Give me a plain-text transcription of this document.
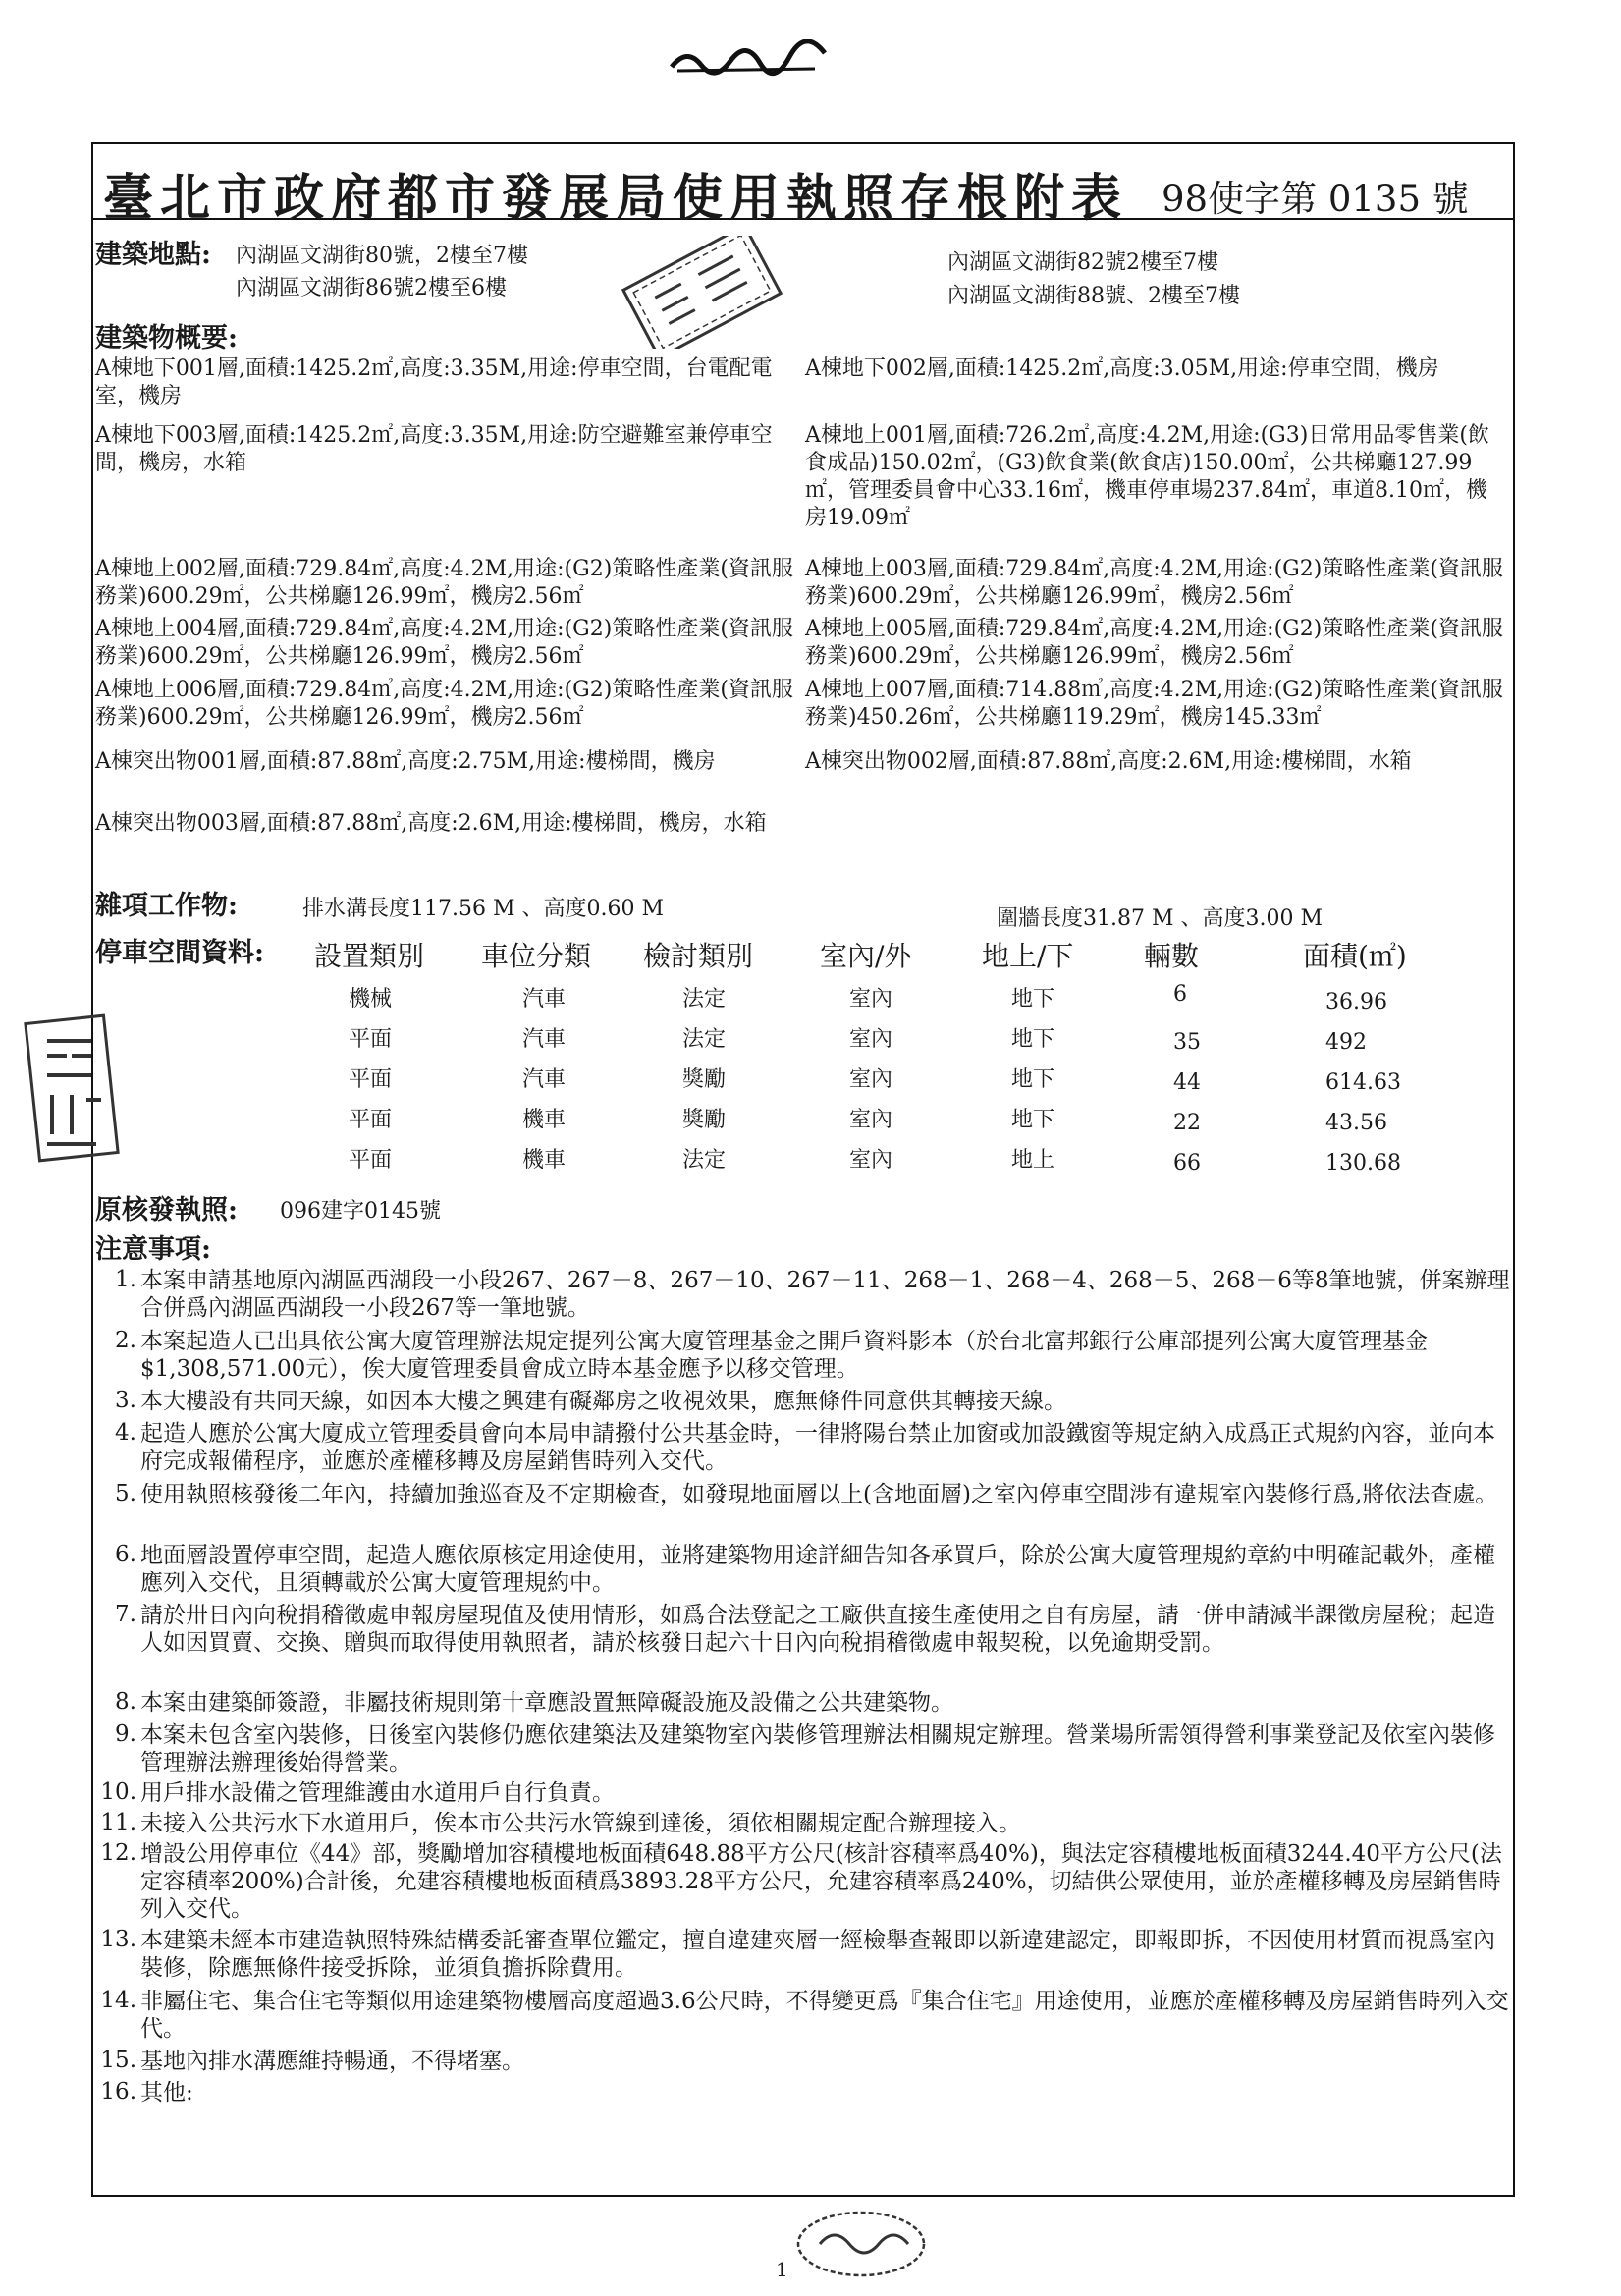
臺北市政府都市發展局使用執照存根附表 98使字第 0135 號
建築地點: 內湖區文湖街80號，2樓至7樓
內湖區文湖街86號2樓至6樓
內湖區文湖街82號2樓至7樓
內湖區文湖街88號、2樓至7樓
建築物概要:
A棟地下001層,面積:1425.2㎡,高度:3.35M,用途:停車空間，台電配電室，機房
A棟地下003層,面積:1425.2㎡,高度:3.35M,用途:防空避難室兼停車空間，機房，水箱
A棟地上002層,面積:729.84㎡,高度:4.2M,用途:(G2)策略性產業(資訊服務業)600.29㎡，公共梯廳126.99㎡，機房2.56㎡
A棟地上004層,面積:729.84㎡,高度:4.2M,用途:(G2)策略性產業(資訊服務業)600.29㎡，公共梯廳126.99㎡，機房2.56㎡
A棟地上006層,面積:729.84㎡,高度:4.2M,用途:(G2)策略性產業(資訊服務業)600.29㎡，公共梯廳126.99㎡，機房2.56㎡
A棟突出物001層,面積:87.88㎡,高度:2.75M,用途:樓梯間，機房
A棟突出物003層,面積:87.88㎡,高度:2.6M,用途:樓梯間，機房，水箱
A棟地下002層,面積:1425.2㎡,高度:3.05M,用途:停車空間，機房
A棟地上001層,面積:726.2㎡,高度:4.2M,用途:(G3)日常用品零售業(飲食成品)150.02㎡，(G3)飲食業(飲食店)150.00㎡，公共梯廳127.99㎡，管理委員會中心33.16㎡，機車停車場237.84㎡，車道8.10㎡，機房19.09㎡
A棟地上003層,面積:729.84㎡,高度:4.2M,用途:(G2)策略性產業(資訊服務業)600.29㎡，公共梯廳126.99㎡，機房2.56㎡
A棟地上005層,面積:729.84㎡,高度:4.2M,用途:(G2)策略性產業(資訊服務業)600.29㎡，公共梯廳126.99㎡，機房2.56㎡
A棟地上007層,面積:714.88㎡,高度:4.2M,用途:(G2)策略性產業(資訊服務業)450.26㎡，公共梯廳119.29㎡，機房145.33㎡
A棟突出物002層,面積:87.88㎡,高度:2.6M,用途:樓梯間，水箱
雜項工作物:	排水溝長度117.56 M 、高度0.60 M	圍牆長度31.87 M 、高度3.00 M
停車空間資料: 設置類別 車位分類 檢討類別 室內/外	地上/下	輛數	面積(㎡)
機械	汽車	法定	室內	地下	6	36.96
平面	汽車	法定	室內	地下	35	492
平面	汽車	獎勵	室內	地下	44	614.63
平面	機車	獎勵	室內	地下	22	43.56
平面	機車	法定	室內	地上	66	130.68
原核發執照: 096建字0145號
注意事項:
1. 本案申請基地原內湖區西湖段一小段267、267－8、267－10、267－11、268－1、268－4、268－5、268－6等8筆地號，併案辦理合併爲內湖區西湖段一小段267等一筆地號。
2. 本案起造人已出具依公寓大廈管理辦法規定提列公寓大廈管理基金之開戶資料影本（於台北富邦銀行公庫部提列公寓大廈管理基金$1,308,571.00元），俟大廈管理委員會成立時本基金應予以移交管理。
3. 本大樓設有共同天線，如因本大樓之興建有礙鄰房之收視效果，應無條件同意供其轉接天線。
4. 起造人應於公寓大廈成立管理委員會向本局申請撥付公共基金時，一律將陽台禁止加窗或加設鐵窗等規定納入成爲正式規約內容，並向本府完成報備程序，並應於產權移轉及房屋銷售時列入交代。
5. 使用執照核發後二年內，持續加強巡查及不定期檢查，如發現地面層以上(含地面層)之室內停車空間涉有違規室內裝修行爲,將依法查處。
6. 地面層設置停車空間，起造人應依原核定用途使用，並將建築物用途詳細告知各承買戶，除於公寓大廈管理規約章約中明確記載外，產權應列入交代，且須轉載於公寓大廈管理規約中。
7. 請於卅日內向稅捐稽徵處申報房屋現值及使用情形，如爲合法登記之工廠供直接生產使用之自有房屋，請一併申請減半課徵房屋稅；起造人如因買賣、交換、贈與而取得使用執照者，請於核發日起六十日內向稅捐稽徵處申報契稅，以免逾期受罰。
8. 本案由建築師簽證，非屬技術規則第十章應設置無障礙設施及設備之公共建築物。
9. 本案未包含室內裝修，日後室內裝修仍應依建築法及建築物室內裝修管理辦法相關規定辦理。營業場所需領得營利事業登記及依室內裝修管理辦法辦理後始得營業。
10. 用戶排水設備之管理維護由水道用戶自行負責。
11. 未接入公共污水下水道用戶，俟本市公共污水管線到達後，須依相關規定配合辦理接入。
12. 增設公用停車位《44》部，獎勵增加容積樓地板面積648.88平方公尺(核計容積率爲40%)，與法定容積樓地板面積3244.40平方公尺(法定容積率200%)合計後，允建容積樓地板面積爲3893.28平方公尺，允建容積率爲240%，切結供公眾使用，並於產權移轉及房屋銷售時列入交代。
13. 本建築未經本市建造執照特殊結構委託審查單位鑑定，擅自違建夾層一經檢舉查報即以新違建認定，即報即拆，不因使用材質而視爲室內裝修，除應無條件接受拆除，並須負擔拆除費用。
14. 非屬住宅、集合住宅等類似用途建築物樓層高度超過3.6公尺時，不得變更爲『集合住宅』用途使用，並應於產權移轉及房屋銷售時列入交代。
15. 基地內排水溝應維持暢通，不得堵塞。
16. 其他:
1
